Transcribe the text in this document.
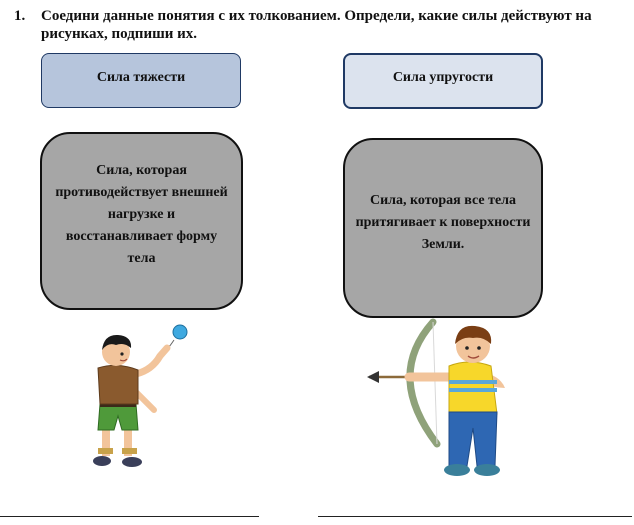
1. Соедини данные понятия с их толкованием. Определи, какие силы действуют на рисунках, подпиши их.
Сила тяжести	Сила упругости
Сила, которая противодействует внешней нагрузке и восстанавливает форму тела
Сила, которая все тела притягивает к поверхности Земли.
